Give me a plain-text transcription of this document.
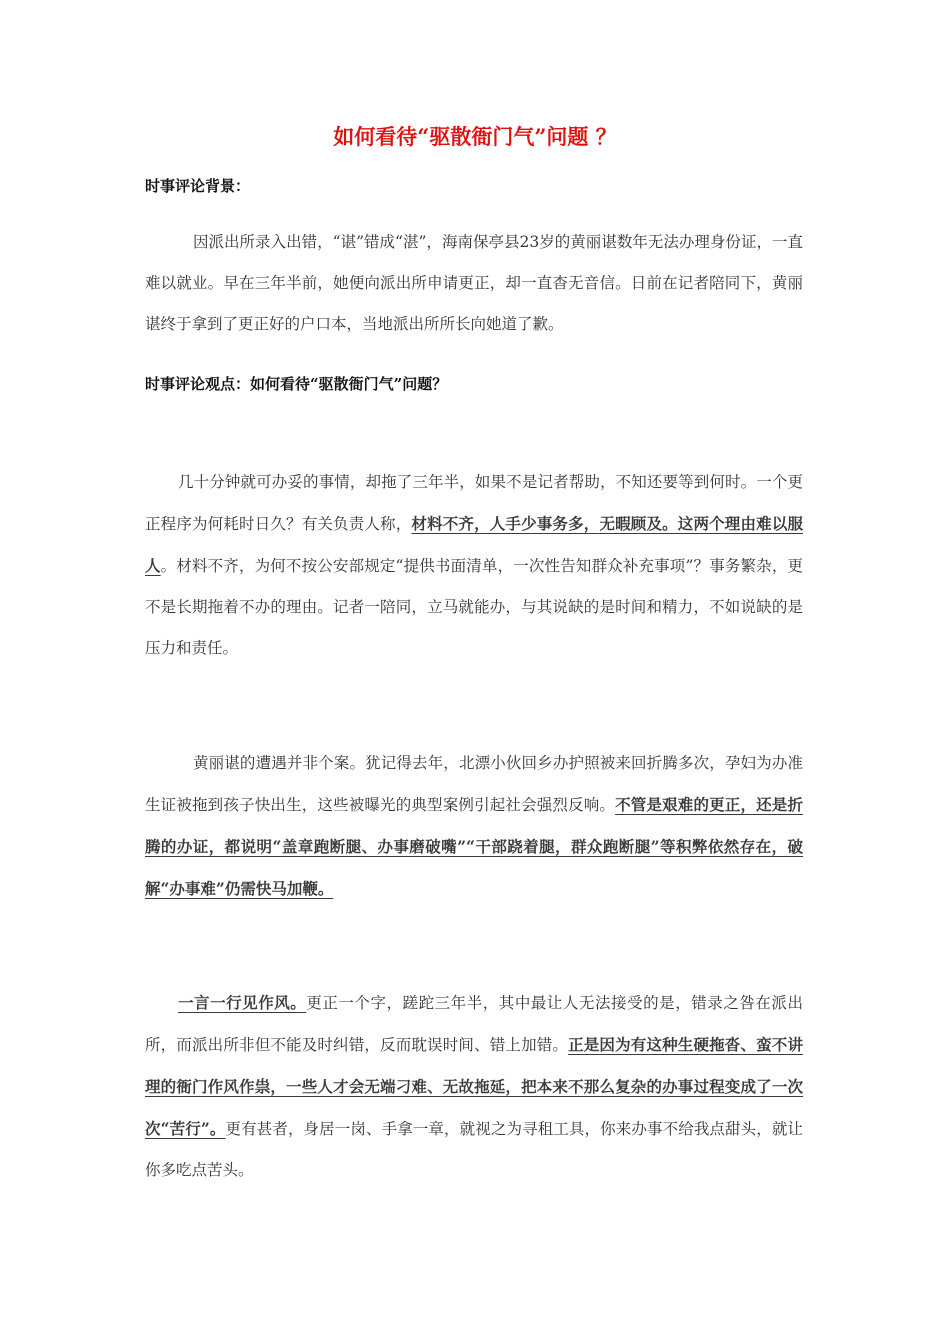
如何看待“驱散衙门气”问题 ？

时事评论背景：

因派出所录入出错，“谌”错成“湛”，海南保亭县23岁的黄丽谌数年无法办理身份证，一直难以就业。早在三年半前，她便向派出所申请更正，却一直杳无音信。日前在记者陪同下，黄丽谌终于拿到了更正好的户口本，当地派出所所长向她道了歉。

时事评论观点：如何看待“驱散衙门气”问题？

几十分钟就可办妥的事情，却拖了三年半，如果不是记者帮助，不知还要等到何时。一个更正程序为何耗时日久？有关负责人称，材料不齐，人手少事务多，无暇顾及。这两个理由难以服人。材料不齐，为何不按公安部规定“提供书面清单，一次性告知群众补充事项”？事务繁杂，更不是长期拖着不办的理由。记者一陪同，立马就能办，与其说缺的是时间和精力，不如说缺的是压力和责任。

黄丽谌的遭遇并非个案。犹记得去年，北漂小伙回乡办护照被来回折腾多次，孕妇为办准生证被拖到孩子快出生，这些被曝光的典型案例引起社会强烈反响。不管是艰难的更正，还是折腾的办证，都说明“盖章跑断腿、办事磨破嘴”“干部跷着腿，群众跑断腿”等积弊依然存在，破解“办事难”仍需快马加鞭。

一言一行见作风。更正一个字，蹉跎三年半，其中最让人无法接受的是，错录之咎在派出所，而派出所非但不能及时纠错，反而耽误时间、错上加错。正是因为有这种生硬拖沓、蛮不讲理的衙门作风作祟，一些人才会无端刁难、无故拖延，把本来不那么复杂的办事过程变成了一次次“苦行”。更有甚者，身居一岗、手拿一章，就视之为寻租工具，你来办事不给我点甜头，就让你多吃点苦头。
